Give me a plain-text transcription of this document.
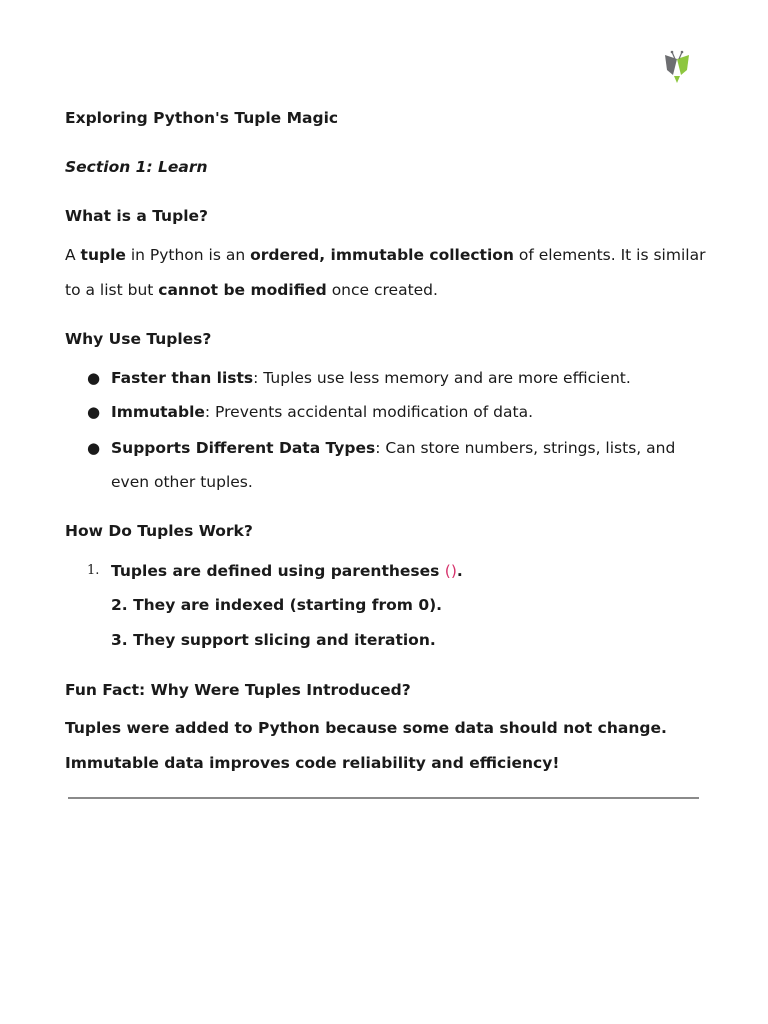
Exploring Python's Tuple Magic
Section 1: Learn
What is a Tuple?
A tuple in Python is an ordered, immutable collection of elements. It is similar
to a list but cannot be modified once created.
Why Use Tuples?
● Faster than lists: Tuples use less memory and are more efficient.
● Immutable: Prevents accidental modification of data.
● Supports Different Data Types: Can store numbers, strings, lists, and
even other tuples.
How Do Tuples Work?
1. Tuples are defined using parentheses ().
2. They are indexed (starting from 0).
3. They support slicing and iteration.
Fun Fact: Why Were Tuples Introduced?
Tuples were added to Python because some data should not change.
Immutable data improves code reliability and efficiency!
